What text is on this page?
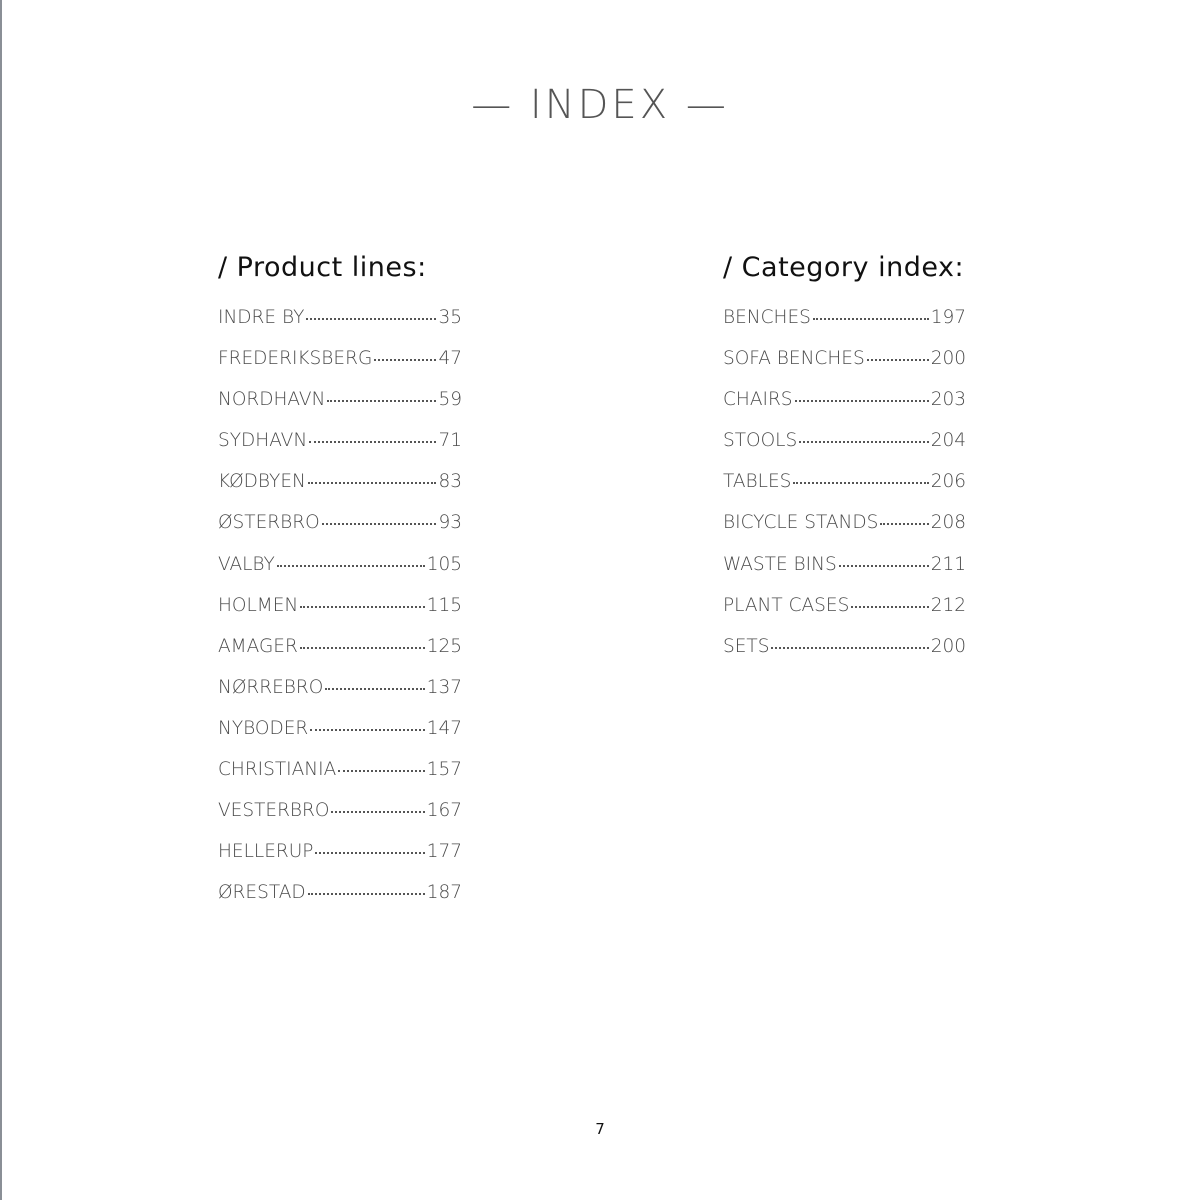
— INDEX —
/ Product lines:
INDRE BY	35
FREDERIKSBERG	47
NORDHAVN	59
SYDHAVN	71
KØDBYEN	83
ØSTERBRO	93
VALBY	105
HOLMEN	115
AMAGER	125
NØRREBRO	137
NYBODER	147
CHRISTIANIA	157
VESTERBRO	167
HELLERUP	177
ØRESTAD	187
/ Category index:
BENCHES	197
SOFA BENCHES	200
CHAIRS	203
STOOLS	204
TABLES	206
BICYCLE STANDS	208
WASTE BINS	211
PLANT CASES	212
SETS	200
7
